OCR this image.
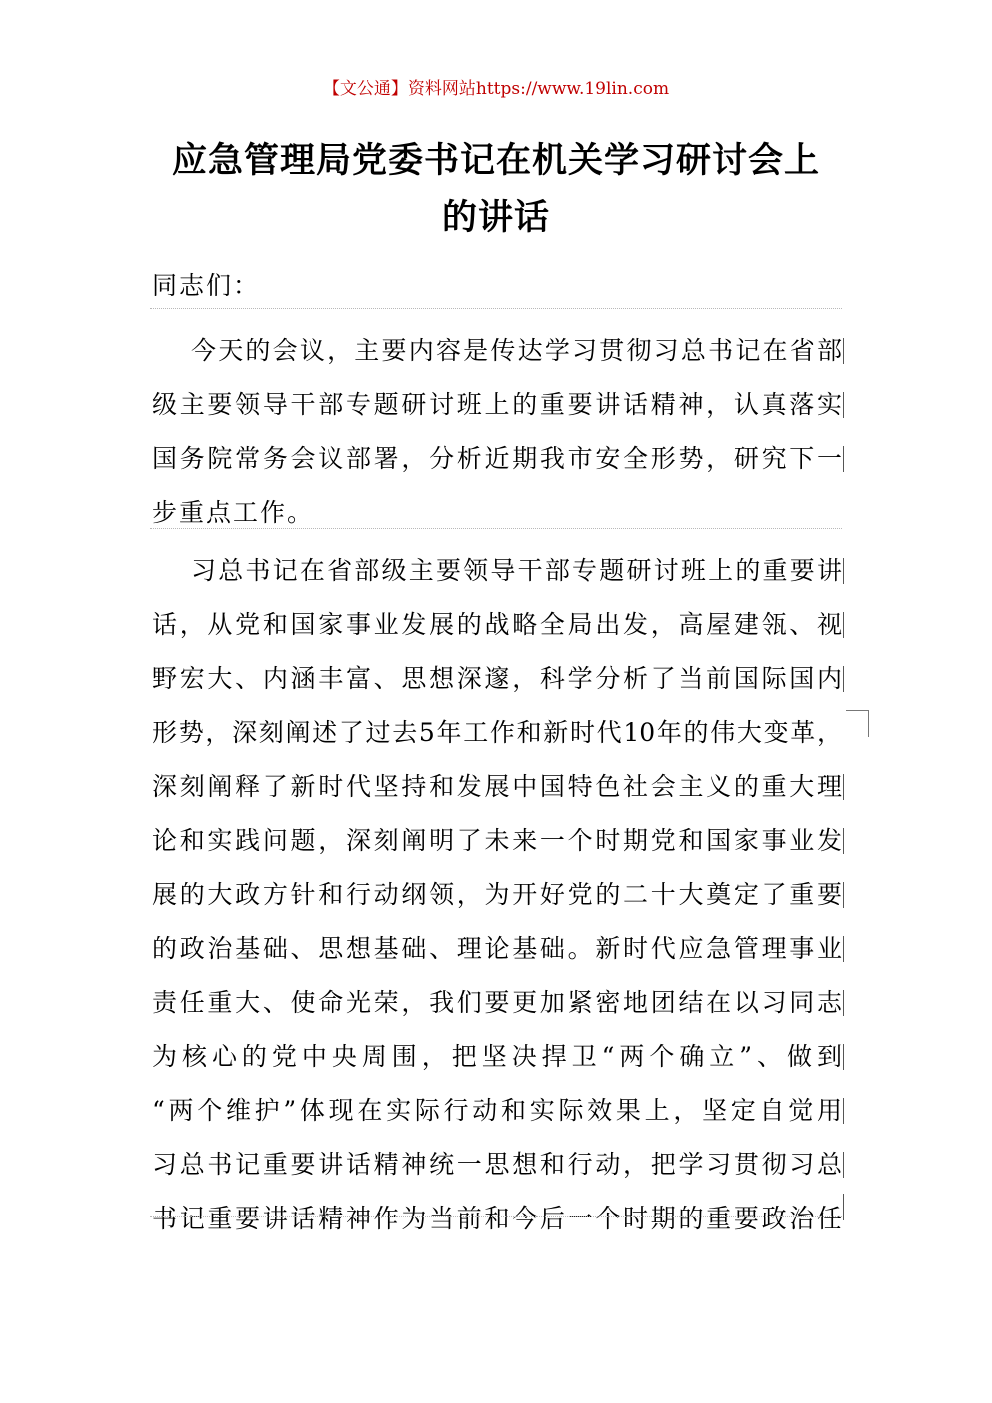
【文公通】资料网站https://www.19lin.com
应急管理局党委书记在机关学习研讨会上
的讲话
同志们：
今天的会议，主要内容是传达学习贯彻习总书记在省部
级主要领导干部专题研讨班上的重要讲话精神，认真落实
国务院常务会议部署，分析近期我市安全形势，研究下一
步重点工作。
习总书记在省部级主要领导干部专题研讨班上的重要讲
话，从党和国家事业发展的战略全局出发，高屋建瓴、视
野宏大、内涵丰富、思想深邃，科学分析了当前国际国内
形势，深刻阐述了过去5年工作和新时代10年的伟大变革，
深刻阐释了新时代坚持和发展中国特色社会主义的重大理
论和实践问题，深刻阐明了未来一个时期党和国家事业发
展的大政方针和行动纲领，为开好党的二十大奠定了重要
的政治基础、思想基础、理论基础。新时代应急管理事业
责任重大、使命光荣，我们要更加紧密地团结在以习同志
为核心的党中央周围，把坚决捍卫“两个确立”、做到
“两个维护”体现在实际行动和实际效果上，坚定自觉用
习总书记重要讲话精神统一思想和行动，把学习贯彻习总
书记重要讲话精神作为当前和今后一个时期的重要政治任
